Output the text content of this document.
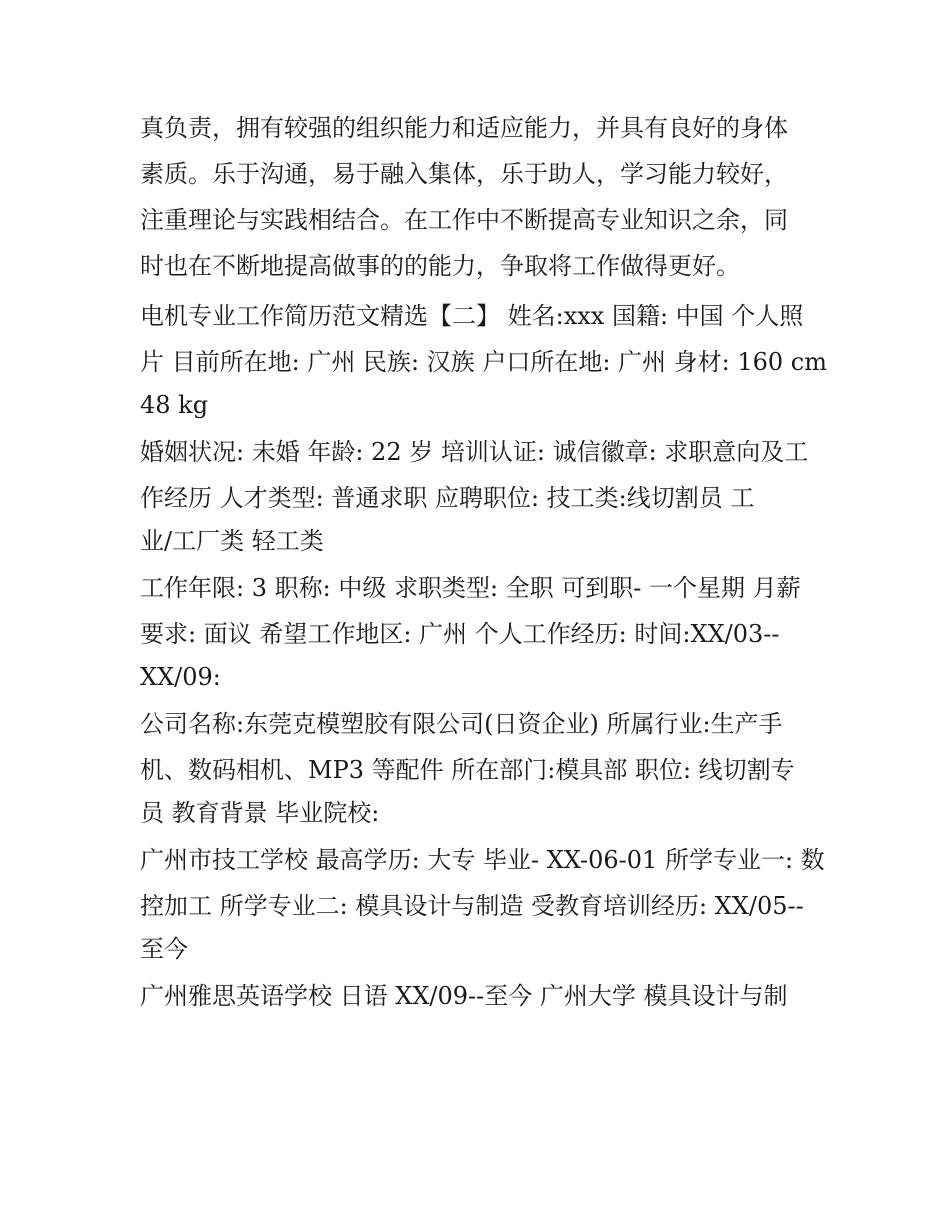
真负责，拥有较强的组织能力和适应能力，并具有良好的身体
素质。乐于沟通，易于融入集体，乐于助人，学习能力较好，
注重理论与实践相结合。在工作中不断提高专业知识之余，同
时也在不断地提高做事的的能力，争取将工作做得更好。
电机专业工作简历范文精选【二】 姓名:xxx 国籍: 中国 个人照
片 目前所在地: 广州 民族: 汉族 户口所在地: 广州 身材: 160 cm
48 kg
婚姻状况: 未婚 年龄: 22 岁 培训认证: 诚信徽章: 求职意向及工
作经历 人才类型: 普通求职 应聘职位: 技工类:线切割员 工
业/工厂类 轻工类
工作年限: 3 职称: 中级 求职类型: 全职 可到职- 一个星期 月薪
要求: 面议 希望工作地区: 广州 个人工作经历: 时间:XX/03--
XX/09:
公司名称:东莞克模塑胶有限公司(日资企业) 所属行业:生产手
机、数码相机、MP3 等配件 所在部门:模具部 职位: 线切割专
员 教育背景 毕业院校:
广州市技工学校 最高学历: 大专 毕业- XX-06-01 所学专业一: 数
控加工 所学专业二: 模具设计与制造 受教育培训经历: XX/05--
至今
广州雅思英语学校 日语 XX/09--至今 广州大学 模具设计与制
